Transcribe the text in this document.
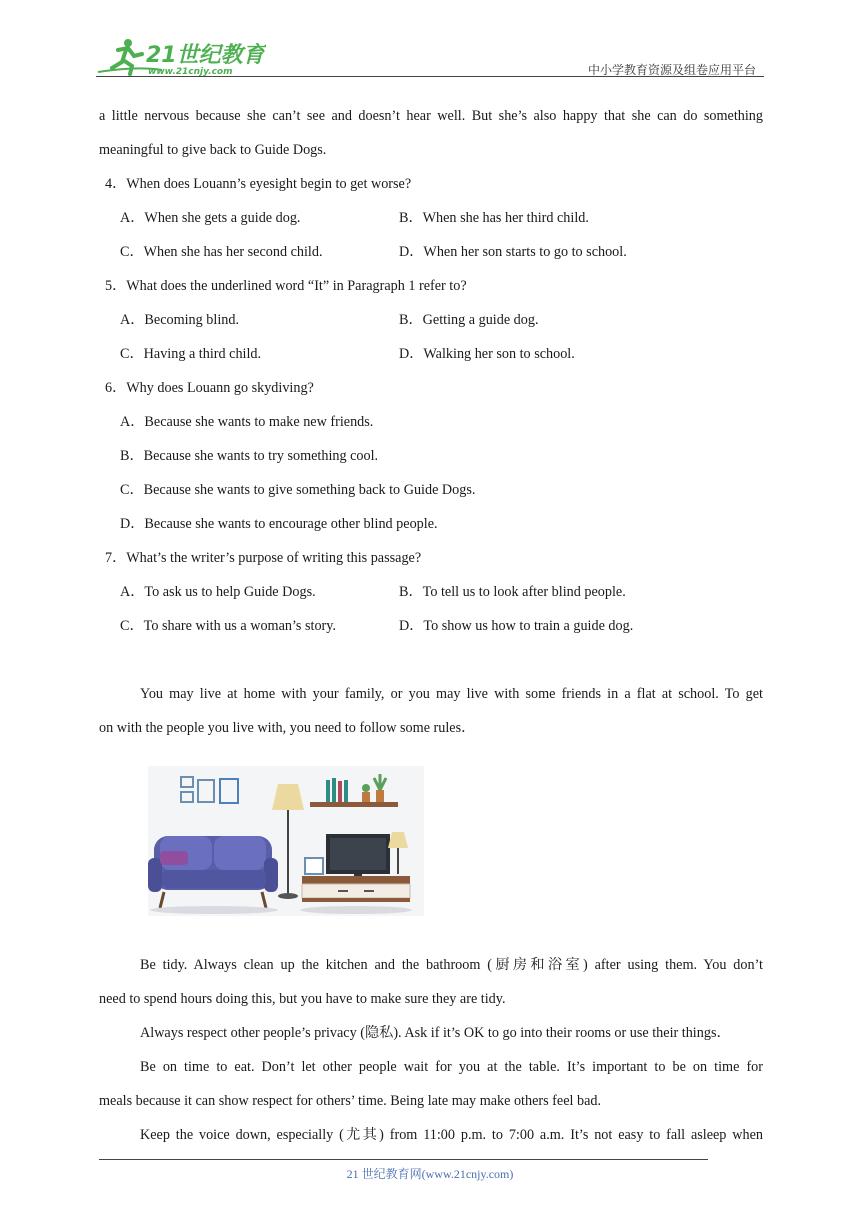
21世纪教育
www.21cnjy.com	中小学教育资源及组卷应用平台
a little nervous because she can’t see and doesn’t hear well. But she’s also happy that she can do something
meaningful to give back to Guide Dogs.
4．When does Louann’s eyesight begin to get worse?
A．When she gets a guide dog.	B．When she has her third child.
C．When she has her second child.	D．When her son starts to go to school.
5．What does the underlined word “It” in Paragraph 1 refer to?
A．Becoming blind.	B．Getting a guide dog.
C．Having a third child.	D．Walking her son to school.
6．Why does Louann go skydiving?
A．Because she wants to make new friends.
B．Because she wants to try something cool.
C．Because she wants to give something back to Guide Dogs.
D．Because she wants to encourage other blind people.
7．What’s the writer’s purpose of writing this passage?
A．To ask us to help Guide Dogs.	B．To tell us to look after blind people.
C．To share with us a woman’s story.	D．To show us how to train a guide dog.
You may live at home with your family, or you may live with some friends in a flat at school. To get
on with the people you live with, you need to follow some rules．
Be tidy. Always clean up the kitchen and the bathroom (厨房和浴室) after using them. You don’t
need to spend hours doing this, but you have to make sure they are tidy.
Always respect other people’s privacy (隐私). Ask if it’s OK to go into their rooms or use their things．
Be on time to eat. Don’t let other people wait for you at the table. It’s important to be on time for
meals because it can show respect for others’ time. Being late may make others feel bad.
Keep the voice down, especially (尤其) from 11:00 p.m. to 7:00 a.m. It’s not easy to fall asleep when
21 世纪教育网(www.21cnjy.com)
